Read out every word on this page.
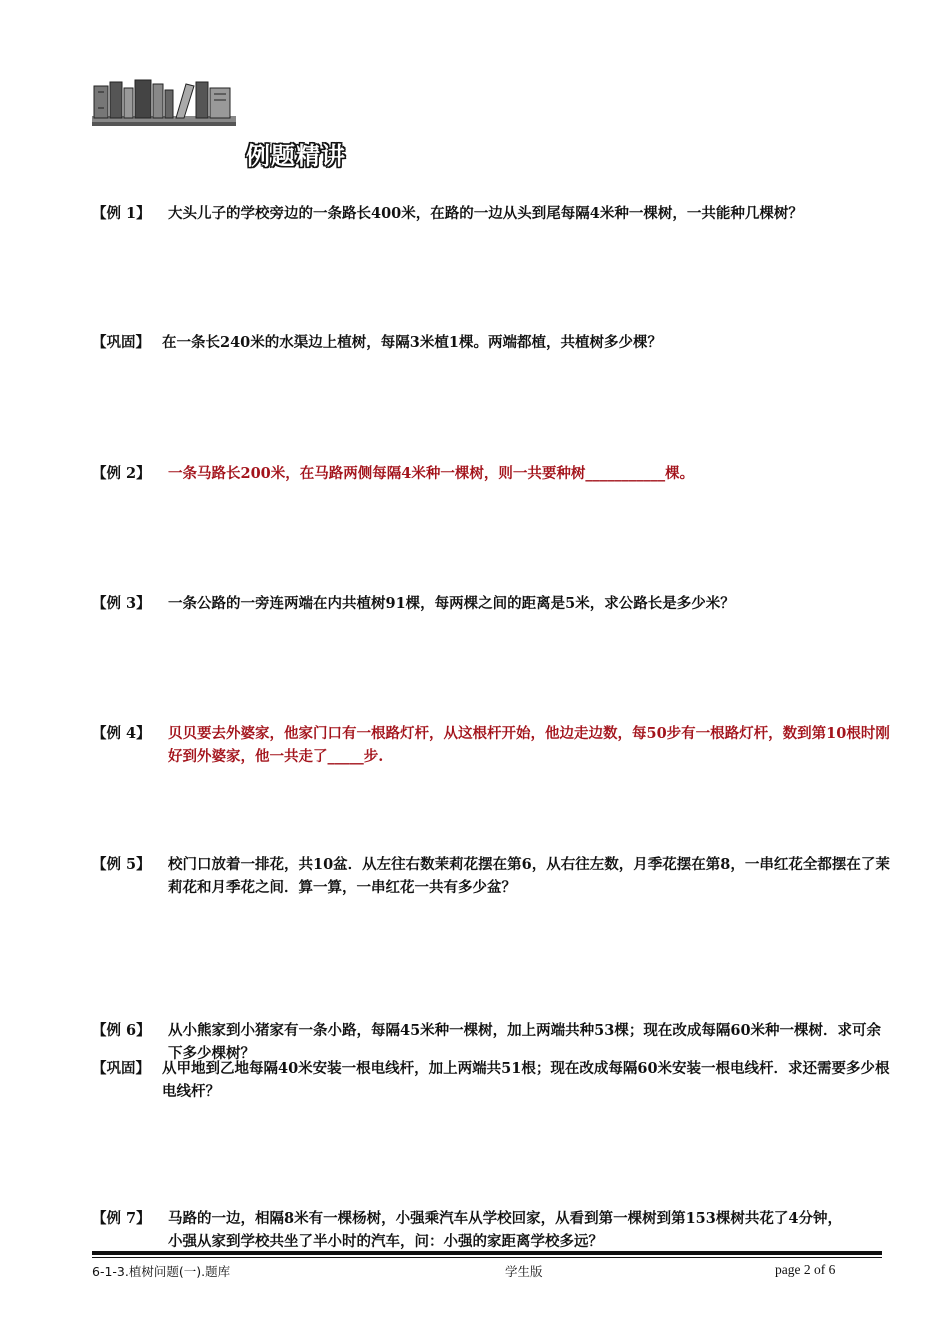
例题精讲
【例 1】 大头儿子的学校旁边的一条路长400米，在路的一边从头到尾每隔4米种一棵树，一共能种几棵树？
【巩固】 在一条长240米的水渠边上植树，每隔3米植1棵。两端都植，共植树多少棵？
【例 2】 一条马路长200米，在马路两侧每隔4米种一棵树，则一共要种树___________棵。
【例 3】 一条公路的一旁连两端在内共植树91棵，每两棵之间的距离是5米，求公路长是多少米？
【例 4】 贝贝要去外婆家，他家门口有一根路灯杆，从这根杆开始，他边走边数，每50步有一根路灯杆，数到第10根时刚好到外婆家，他一共走了_____步.
【例 5】 校门口放着一排花，共10盆．从左往右数茉莉花摆在第6，从右往左数，月季花摆在第8，一串红花全都摆在了茉莉花和月季花之间．算一算，一串红花一共有多少盆？
【例 6】 从小熊家到小猪家有一条小路，每隔45米种一棵树，加上两端共种53棵；现在改成每隔60米种一棵树．求可余下多少棵树？
【巩固】 从甲地到乙地每隔40米安装一根电线杆，加上两端共51根；现在改成每隔60米安装一根电线杆．求还需要多少根电线杆？
【例 7】 马路的一边，相隔8米有一棵杨树，小强乘汽车从学校回家，从看到第一棵树到第153棵树共花了4分钟，小强从家到学校共坐了半小时的汽车，问：小强的家距离学校多远？
6-1-3.植树问题(一).题库	学生版	page 2 of 6
